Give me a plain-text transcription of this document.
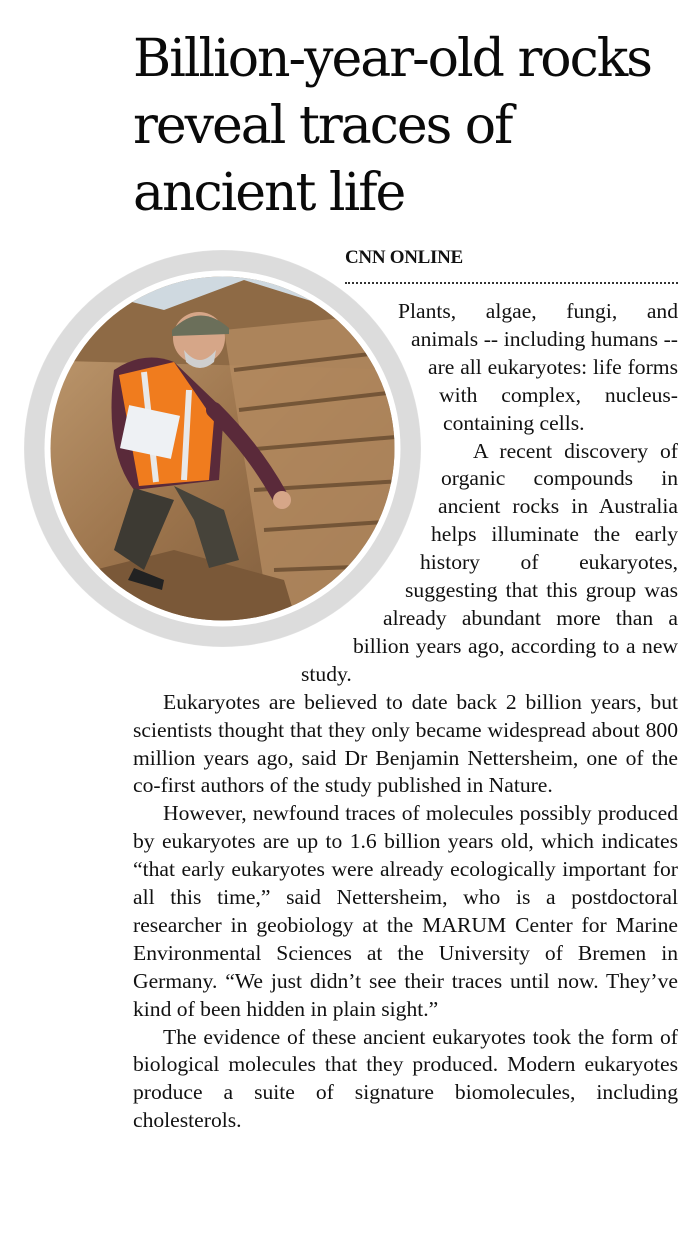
Billion-year-old rocks reveal traces of ancient life
CNN ONLINE

Plants, algae, fungi, and animals -- including humans -- are all eukaryotes: life forms with complex, nucleus-containing cells.

A recent discovery of organic compounds in ancient rocks in Australia helps illuminate the early history of eukaryotes, suggesting that this group was already abundant more than a billion years ago, according to a new study.

Eukaryotes are believed to date back 2 billion years, but scientists thought that they only became widespread about 800 million years ago, said Dr Benjamin Nettersheim, one of the co-first authors of the study published in Nature.

However, newfound traces of molecules possibly produced by eukaryotes are up to 1.6 billion years old, which indicates “that early eukaryotes were already ecologically important for all this time,” said Nettersheim, who is a postdoctoral researcher in geobiology at the MARUM Center for Marine Environmental Sciences at the University of Bremen in Germany. “We just didn’t see their traces until now. They’ve kind of been hidden in plain sight.”

The evidence of these ancient eukaryotes took the form of biological molecules that they produced. Modern eukaryotes produce a suite of signature biomolecules, including cholesterols.
